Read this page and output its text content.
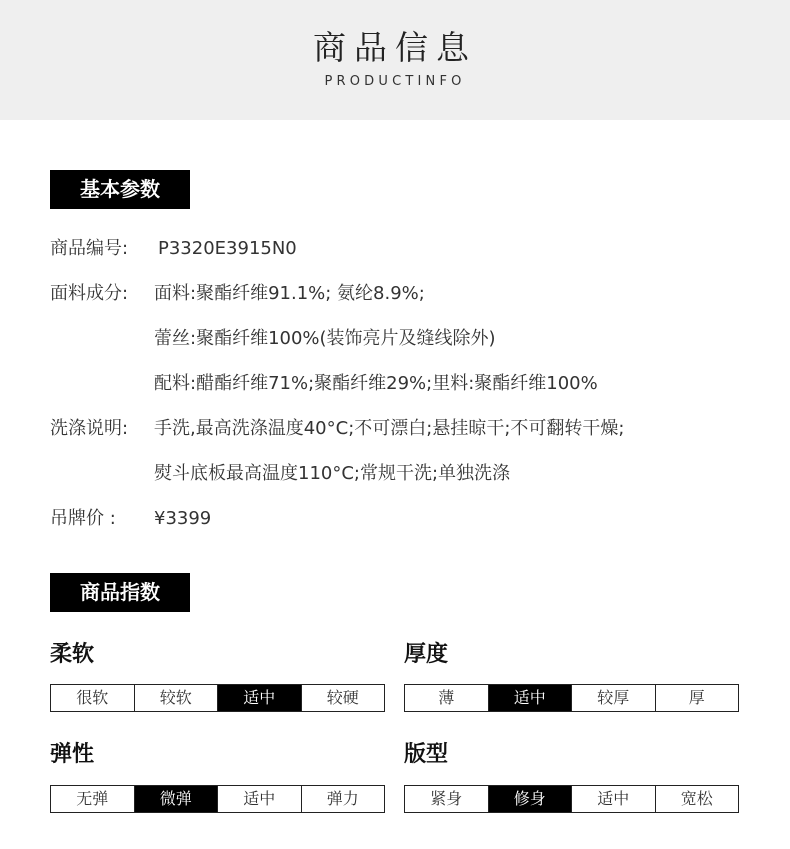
商品信息
PRODUCTINFO
基本参数
商品编号: P3320E3915N0
面料成分: 面料:聚酯纤维91.1%; 氨纶8.9%;
蕾丝:聚酯纤维100%(装饰亮片及缝线除外)
配料:醋酯纤维71%;聚酯纤维29%;里料:聚酯纤维100%
洗涤说明: 手洗,最高洗涤温度40°C;不可漂白;悬挂晾干;不可翻转干燥;
熨斗底板最高温度110°C;常规干洗;单独洗涤
吊牌价 : ¥3399
商品指数
柔软
很软	较软	适中	较硬
厚度
薄	适中	较厚	厚
弹性
无弹	微弹	适中	弹力
版型
紧身	修身	适中	宽松
